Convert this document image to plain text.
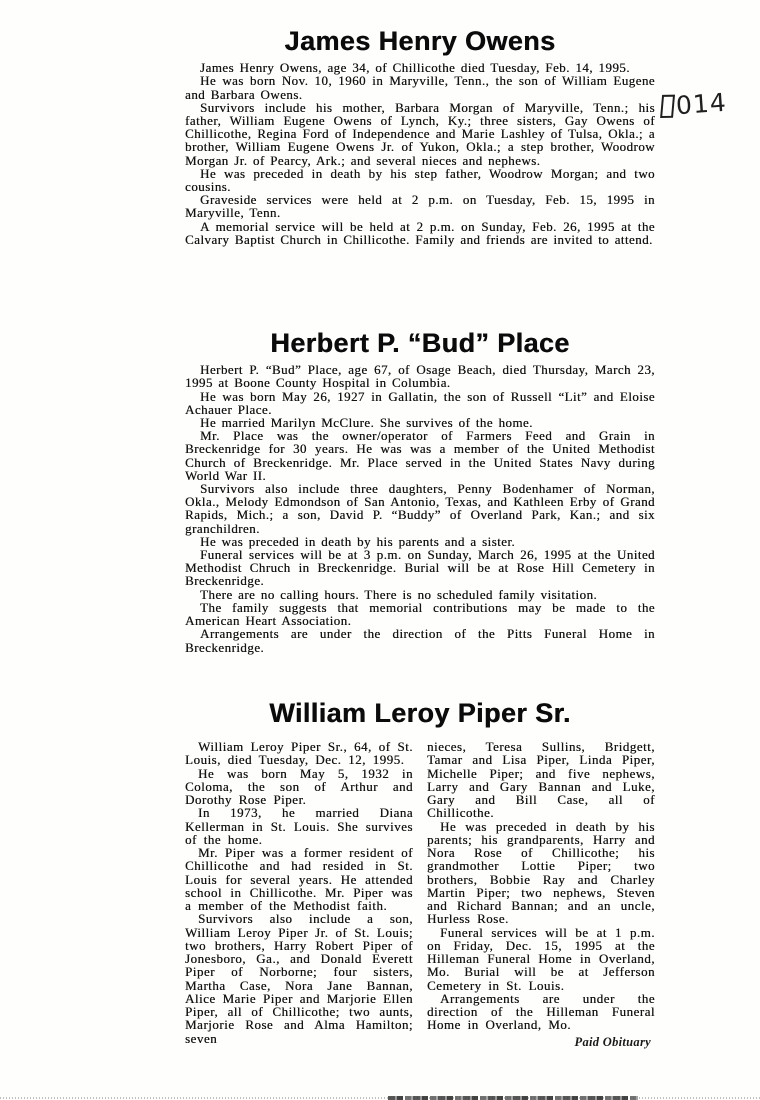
James Henry Owens

James Henry Owens, age 34, of Chillicothe died Tuesday, Feb. 14, 1995.

He was born Nov. 10, 1960 in Maryville, Tenn., the son of William Eugene and Barbara Owens.

Survivors include his mother, Barbara Morgan of Maryville, Tenn.; his father, William Eugene Owens of Lynch, Ky.; three sisters, Gay Owens of Chillicothe, Regina Ford of Independence and Marie Lashley of Tulsa, Okla.; a brother, William Eugene Owens Jr. of Yukon, Okla.; a step brother, Woodrow Morgan Jr. of Pearcy, Ark.; and several nieces and nephews.

He was preceded in death by his step father, Woodrow Morgan; and two cousins.

Graveside services were held at 2 p.m. on Tuesday, Feb. 15, 1995 in Maryville, Tenn.

A memorial service will be held at 2 p.m. on Sunday, Feb. 26, 1995 at the Calvary Baptist Church in Chillicothe. Family and friends are invited to attend.

Herbert P. “Bud” Place

Herbert P. “Bud” Place, age 67, of Osage Beach, died Thursday, March 23, 1995 at Boone County Hospital in Columbia.

He was born May 26, 1927 in Gallatin, the son of Russell “Lit” and Eloise Achauer Place.

He married Marilyn McClure. She survives of the home.

Mr. Place was the owner/operator of Farmers Feed and Grain in Breckenridge for 30 years. He was was a member of the United Methodist Church of Breckenridge. Mr. Place served in the United States Navy during World War II.

Survivors also include three daughters, Penny Bodenhamer of Norman, Okla., Melody Edmondson of San Antonio, Texas, and Kathleen Erby of Grand Rapids, Mich.; a son, David P. “Buddy” of Overland Park, Kan.; and six granchildren.

He was preceded in death by his parents and a sister.

Funeral services will be at 3 p.m. on Sunday, March 26, 1995 at the United Methodist Chruch in Breckenridge. Burial will be at Rose Hill Cemetery in Breckenridge.

There are no calling hours. There is no scheduled family visitation.

The family suggests that memorial contributions may be made to the American Heart Association.

Arrangements are under the direction of the Pitts Funeral Home in Breckenridge.

William Leroy Piper Sr.

William Leroy Piper Sr., 64, of St. Louis, died Tuesday, Dec. 12, 1995.

He was born May 5, 1932 in Coloma, the son of Arthur and Dorothy Rose Piper.

In 1973, he married Diana Kellerman in St. Louis. She survives of the home.

Mr. Piper was a former resident of Chillicothe and had resided in St. Louis for several years. He attended school in Chillicothe. Mr. Piper was a member of the Methodist faith.

Survivors also include a son, William Leroy Piper Jr. of St. Louis; two brothers, Harry Robert Piper of Jonesboro, Ga., and Donald Everett Piper of Norborne; four sisters, Martha Case, Nora Jane Bannan, Alice Marie Piper and Marjorie Ellen Piper, all of Chillicothe; two aunts, Marjorie Rose and Alma Hamilton; seven

nieces, Teresa Sullins, Bridgett, Tamar and Lisa Piper, Linda Piper, Michelle Piper; and five nephews, Larry and Gary Bannan and Luke, Gary and Bill Case, all of Chillicothe.

He was preceded in death by his parents; his grandparents, Harry and Nora Rose of Chillicothe; his grandmother Lottie Piper; two brothers, Bobbie Ray and Charley Martin Piper; two nephews, Steven and Richard Bannan; and an uncle, Hurless Rose.

Funeral services will be at 1 p.m. on Friday, Dec. 15, 1995 at the Hilleman Funeral Home in Overland, Mo. Burial will be at Jefferson Cemetery in St. Louis.

Arrangements are under the direction of the Hilleman Funeral Home in Overland, Mo.

Paid Obituary
014
